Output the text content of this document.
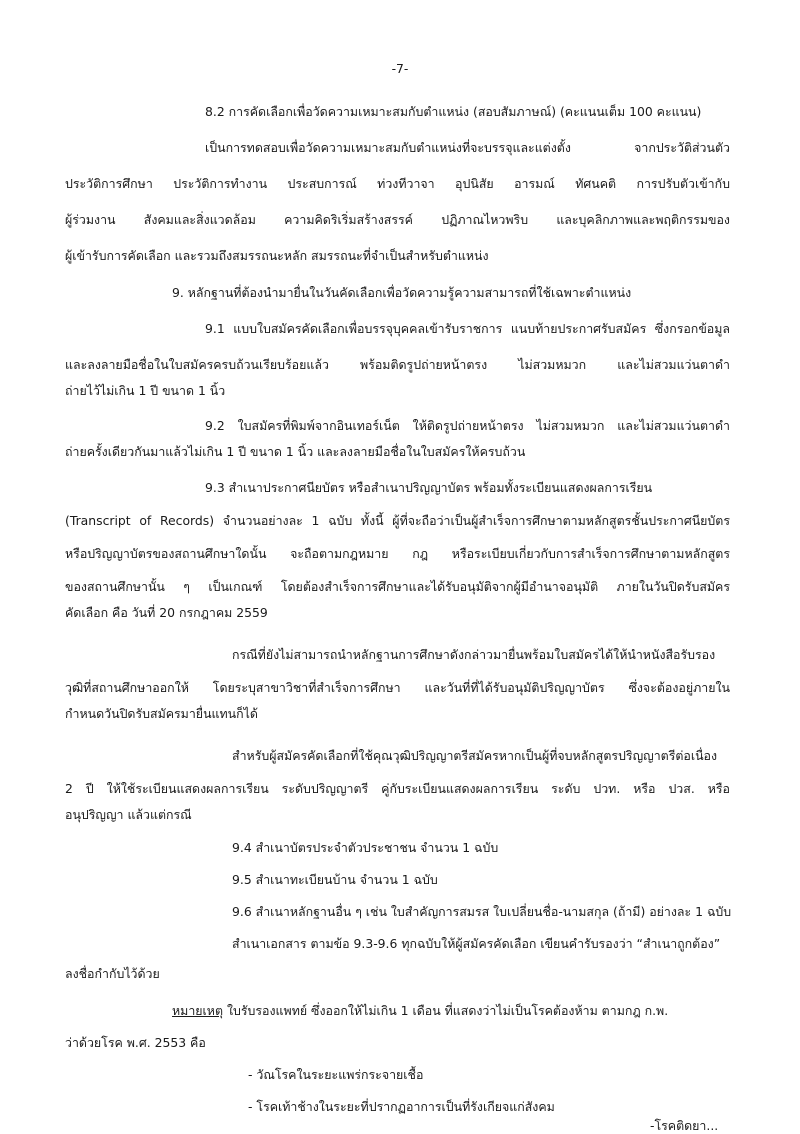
-7-
8.2 การคัดเลือกเพื่อวัดความเหมาะสมกับตำแหน่ง (สอบสัมภาษณ์) (คะแนนเต็ม 100 คะแนน)
เป็นการทดสอบเพื่อวัดความเหมาะสมกับตำแหน่งที่จะบรรจุและแต่งตั้ง จากประวัติส่วนตัว
ประวัติการศึกษา ประวัติการทำงาน ประสบการณ์ ท่วงทีวาจา อุปนิสัย อารมณ์ ทัศนคติ การปรับตัวเข้ากับ
ผู้ร่วมงาน สังคมและสิ่งแวดล้อม ความคิดริเริ่มสร้างสรรค์ ปฏิภาณไหวพริบ และบุคลิกภาพและพฤติกรรมของ
ผู้เข้ารับการคัดเลือก และรวมถึงสมรรถนะหลัก สมรรถนะที่จำเป็นสำหรับตำแหน่ง
9. หลักฐานที่ต้องนำมายื่นในวันคัดเลือกเพื่อวัดความรู้ความสามารถที่ใช้เฉพาะตำแหน่ง
9.1 แบบใบสมัครคัดเลือกเพื่อบรรจุบุคคลเข้ารับราชการ แนบท้ายประกาศรับสมัคร ซึ่งกรอกข้อมูล
และลงลายมือชื่อในใบสมัครครบถ้วนเรียบร้อยแล้ว พร้อมติดรูปถ่ายหน้าตรง ไม่สวมหมวก และไม่สวมแว่นตาดำ
ถ่ายไว้ไม่เกิน 1 ปี ขนาด 1 นิ้ว
9.2 ใบสมัครที่พิมพ์จากอินเทอร์เน็ต ให้ติดรูปถ่ายหน้าตรง ไม่สวมหมวก และไม่สวมแว่นตาดำ
ถ่ายครั้งเดียวกันมาแล้วไม่เกิน 1 ปี ขนาด 1 นิ้ว และลงลายมือชื่อในใบสมัครให้ครบถ้วน
9.3 สำเนาประกาศนียบัตร หรือสำเนาปริญญาบัตร พร้อมทั้งระเบียนแสดงผลการเรียน
(Transcript of Records) จำนวนอย่างละ 1 ฉบับ ทั้งนี้ ผู้ที่จะถือว่าเป็นผู้สำเร็จการศึกษาตามหลักสูตรชั้นประกาศนียบัตร
หรือปริญญาบัตรของสถานศึกษาใดนั้น จะถือตามกฎหมาย กฎ หรือระเบียบเกี่ยวกับการสำเร็จการศึกษาตามหลักสูตร
ของสถานศึกษานั้น ๆ เป็นเกณฑ์ โดยต้องสำเร็จการศึกษาและได้รับอนุมัติจากผู้มีอำนาจอนุมัติ ภายในวันปิดรับสมัคร
คัดเลือก คือ วันที่ 20 กรกฎาคม 2559
กรณีที่ยังไม่สามารถนำหลักฐานการศึกษาดังกล่าวมายื่นพร้อมใบสมัครได้ให้นำหนังสือรับรอง
วุฒิที่สถานศึกษาออกให้ โดยระบุสาขาวิชาที่สำเร็จการศึกษา และวันที่ที่ได้รับอนุมัติปริญญาบัตร ซึ่งจะต้องอยู่ภายใน
กำหนดวันปิดรับสมัครมายื่นแทนก็ได้
สำหรับผู้สมัครคัดเลือกที่ใช้คุณวุฒิปริญญาตรีสมัครหากเป็นผู้ที่จบหลักสูตรปริญญาตรีต่อเนื่อง
2 ปี ให้ใช้ระเบียนแสดงผลการเรียน ระดับปริญญาตรี คู่กับระเบียนแสดงผลการเรียน ระดับ ปวท. หรือ ปวส. หรือ
อนุปริญญา แล้วแต่กรณี
9.4 สำเนาบัตรประจำตัวประชาชน จำนวน 1 ฉบับ
9.5 สำเนาทะเบียนบ้าน จำนวน 1 ฉบับ
9.6 สำเนาหลักฐานอื่น ๆ เช่น ใบสำคัญการสมรส ใบเปลี่ยนชื่อ-นามสกุล (ถ้ามี) อย่างละ 1 ฉบับ
สำเนาเอกสาร ตามข้อ 9.3-9.6 ทุกฉบับให้ผู้สมัครคัดเลือก เขียนคำรับรองว่า “สำเนาถูกต้อง”
ลงชื่อกำกับไว้ด้วย
หมายเหตุ ใบรับรองแพทย์ ซึ่งออกให้ไม่เกิน 1 เดือน ที่แสดงว่าไม่เป็นโรคต้องห้าม ตามกฎ ก.พ.
ว่าด้วยโรค พ.ศ. 2553 คือ
- วัณโรคในระยะแพร่กระจายเชื้อ
- โรคเท้าช้างในระยะที่ปรากฏอาการเป็นที่รังเกียจแก่สังคม
-โรคติดยา...
